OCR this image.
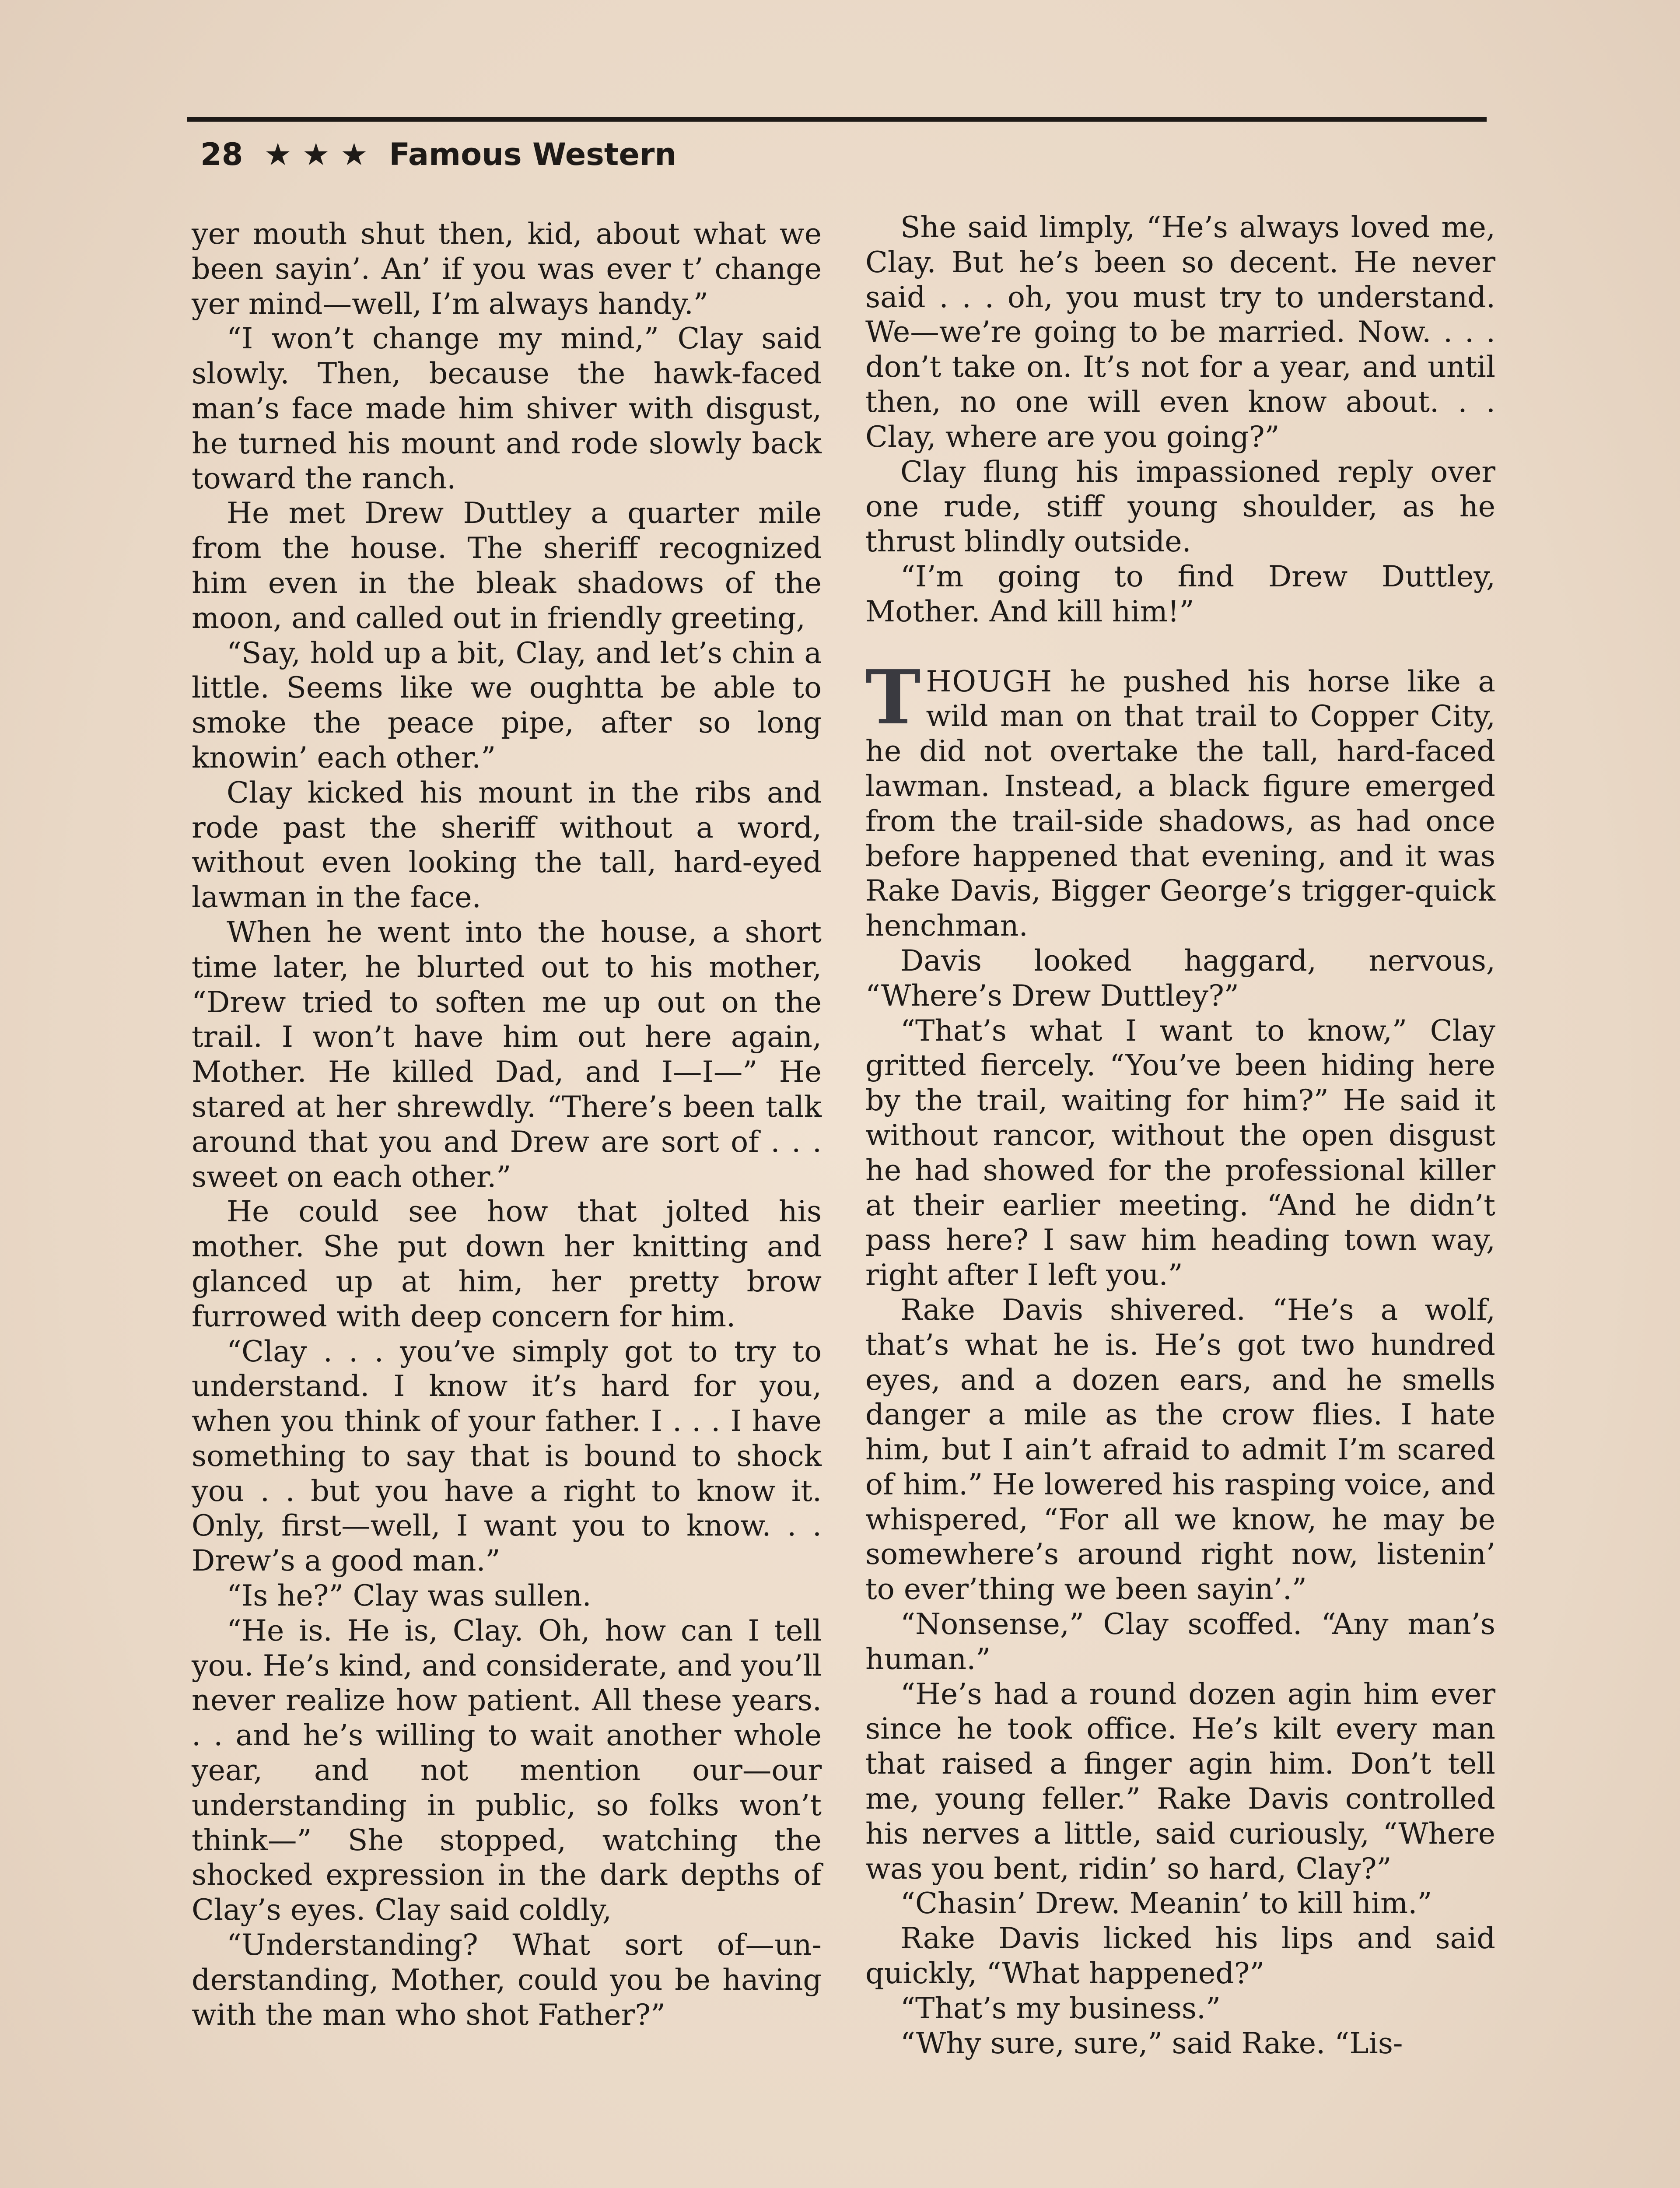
28 ★ ★ ★ Famous Western

yer mouth shut then, kid, about what we been sayin’. An’ if you was ever t’ change yer mind—well, I’m always handy.”

“I won’t change my mind,” Clay said slowly. Then, because the hawk-faced man’s face made him shiver with disgust, he turned his mount and rode slowly back toward the ranch.

He met Drew Duttley a quarter mile from the house. The sheriff recognized him even in the bleak shadows of the moon, and called out in friendly greeting,

“Say, hold up a bit, Clay, and let’s chin a little. Seems like we oughtta be able to smoke the peace pipe, after so long knowin’ each other.”

Clay kicked his mount in the ribs and rode past the sheriff without a word, without even looking the tall, hard-eyed lawman in the face.

When he went into the house, a short time later, he blurted out to his mother, “Drew tried to soften me up out on the trail. I won’t have him out here again, Mother. He killed Dad, and I—I—” He stared at her shrewdly. “There’s been talk around that you and Drew are sort of . . . sweet on each other.”

He could see how that jolted his mother. She put down her knitting and glanced up at him, her pretty brow furrowed with deep concern for him.

“Clay . . . you’ve simply got to try to understand. I know it’s hard for you, when you think of your father. I . . . I have something to say that is bound to shock you . . but you have a right to know it. Only, first—well, I want you to know. . . Drew’s a good man.”

“Is he?” Clay was sullen.

“He is. He is, Clay. Oh, how can I tell you. He’s kind, and considerate, and you’ll never realize how patient. All these years. . . and he’s willing to wait another whole year, and not mention our—our understanding in public, so folks won’t think—” She stopped, watching the shocked expression in the dark depths of Clay’s eyes. Clay said coldly,

“Understanding? What sort of—understanding, Mother, could you be having with the man who shot Father?”

She said limply, “He’s always loved me, Clay. But he’s been so decent. He never said . . . oh, you must try to understand. We—we’re going to be married. Now. . . . don’t take on. It’s not for a year, and until then, no one will even know about. . . Clay, where are you going?”

Clay flung his impassioned reply over one rude, stiff young shoulder, as he thrust blindly outside.

“I’m going to find Drew Duttley, Mother. And kill him!”

THOUGH he pushed his horse like a wild man on that trail to Copper City, he did not overtake the tall, hard-faced lawman. Instead, a black figure emerged from the trail-side shadows, as had once before happened that evening, and it was Rake Davis, Bigger George’s trigger-quick henchman.

Davis looked haggard, nervous, “Where’s Drew Duttley?”

“That’s what I want to know,” Clay gritted fiercely. “You’ve been hiding here by the trail, waiting for him?” He said it without rancor, without the open disgust he had showed for the professional killer at their earlier meeting. “And he didn’t pass here? I saw him heading town way, right after I left you.”

Rake Davis shivered. “He’s a wolf, that’s what he is. He’s got two hundred eyes, and a dozen ears, and he smells danger a mile as the crow flies. I hate him, but I ain’t afraid to admit I’m scared of him.” He lowered his rasping voice, and whispered, “For all we know, he may be somewhere’s around right now, listenin’ to ever’thing we been sayin’.”

“Nonsense,” Clay scoffed. “Any man’s human.”

“He’s had a round dozen agin him ever since he took office. He’s kilt every man that raised a finger agin him. Don’t tell me, young feller.” Rake Davis controlled his nerves a little, said curiously, “Where was you bent, ridin’ so hard, Clay?”

“Chasin’ Drew. Meanin’ to kill him.”

Rake Davis licked his lips and said quickly, “What happened?”

“That’s my business.”

“Why sure, sure,” said Rake. “Lis-
